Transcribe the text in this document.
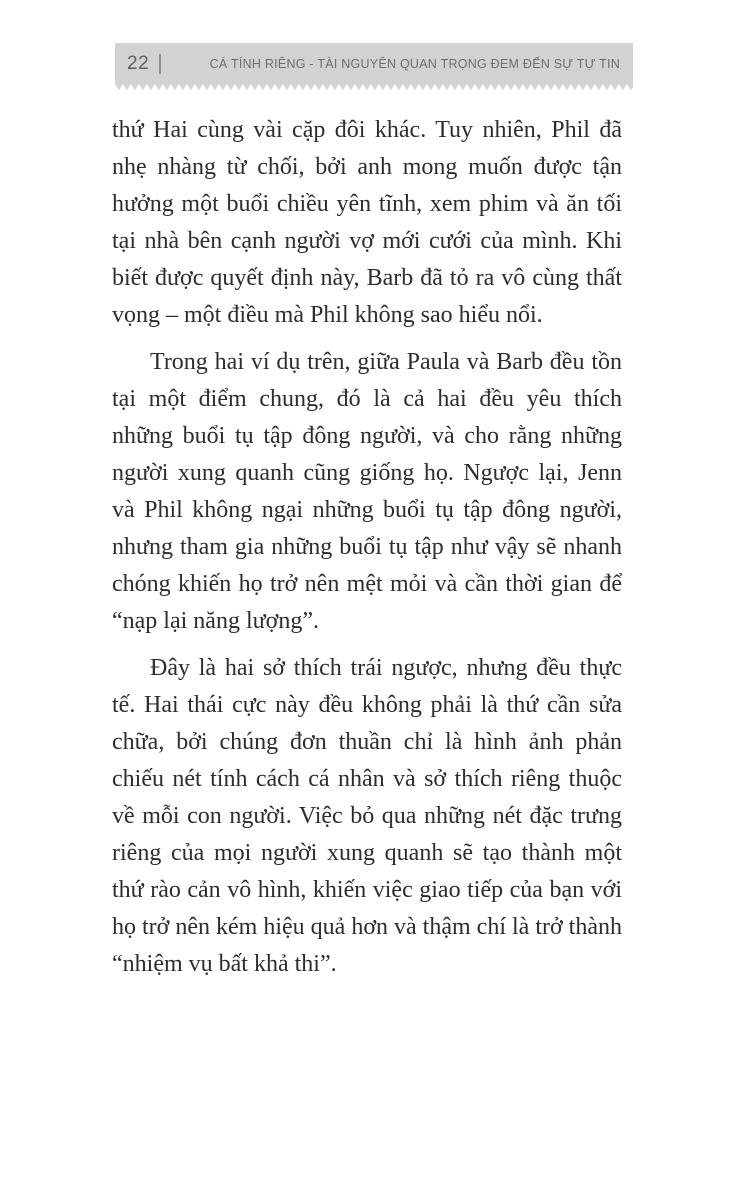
22	CÁ TÍNH RIÊNG - TÀI NGUYÊN QUAN TRỌNG ĐEM ĐẾN SỰ TỰ TIN

thứ Hai cùng vài cặp đôi khác. Tuy nhiên, Phil đã nhẹ nhàng từ chối, bởi anh mong muốn được tận hưởng một buổi chiều yên tĩnh, xem phim và ăn tối tại nhà bên cạnh người vợ mới cưới của mình. Khi biết được quyết định này, Barb đã tỏ ra vô cùng thất vọng – một điều mà Phil không sao hiểu nổi.

Trong hai ví dụ trên, giữa Paula và Barb đều tồn tại một điểm chung, đó là cả hai đều yêu thích những buổi tụ tập đông người, và cho rằng những người xung quanh cũng giống họ. Ngược lại, Jenn và Phil không ngại những buổi tụ tập đông người, nhưng tham gia những buổi tụ tập như vậy sẽ nhanh chóng khiến họ trở nên mệt mỏi và cần thời gian để “nạp lại năng lượng”.

Đây là hai sở thích trái ngược, nhưng đều thực tế. Hai thái cực này đều không phải là thứ cần sửa chữa, bởi chúng đơn thuần chỉ là hình ảnh phản chiếu nét tính cách cá nhân và sở thích riêng thuộc về mỗi con người. Việc bỏ qua những nét đặc trưng riêng của mọi người xung quanh sẽ tạo thành một thứ rào cản vô hình, khiến việc giao tiếp của bạn với họ trở nên kém hiệu quả hơn và thậm chí là trở thành “nhiệm vụ bất khả thi”.
